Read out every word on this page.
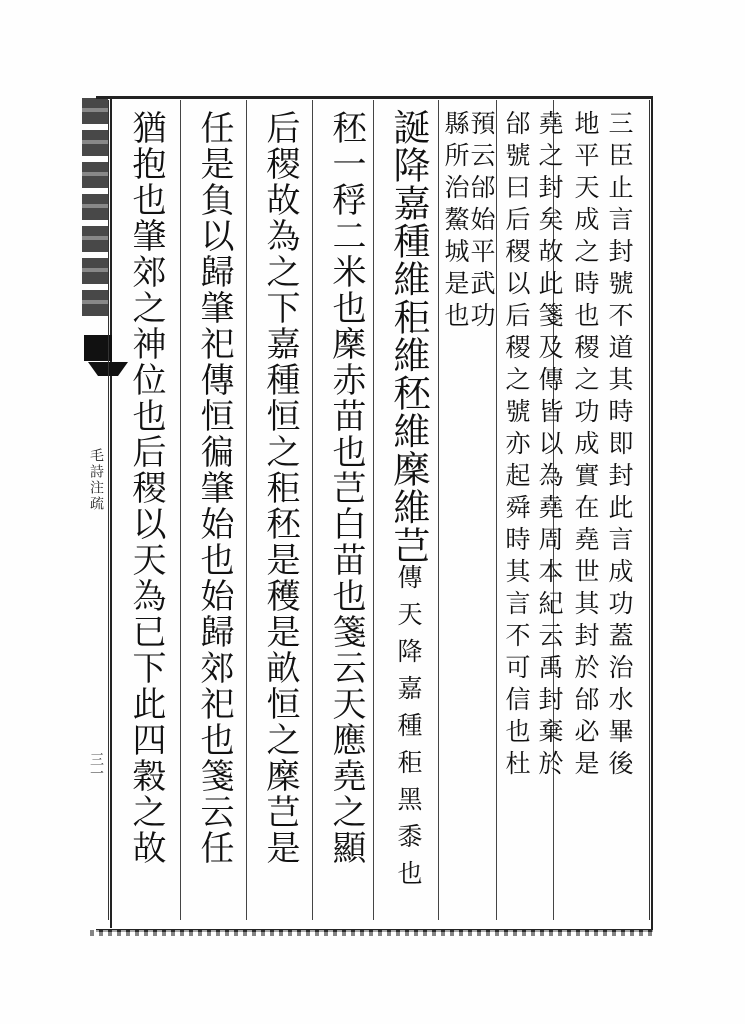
毛詩注疏
三一	三臣止言封號不道其時即封此言成功蓋治水畢後
地平天成之時也稷之功成實在堯世其封於邰必是
堯之封矣故此箋及傳皆以為堯周本紀云禹封棄於
邰號曰后稷以后稷之號亦起舜時其言不可信也杜
預云邰始平武功
縣所治鰲城是也
誕降嘉種維秬維秠維穈維芑傳天降嘉種秬黑黍也
秠一稃二米也穈赤苗也芑白苗也箋云天應堯之顯
后稷故為之下嘉種恒之秬秠是穫是畝恒之穈芑是
任是負以歸肇祀傳恒徧肇始也始歸郊祀也箋云任
猶抱也肇郊之神位也后稷以天為已下此四穀之故
